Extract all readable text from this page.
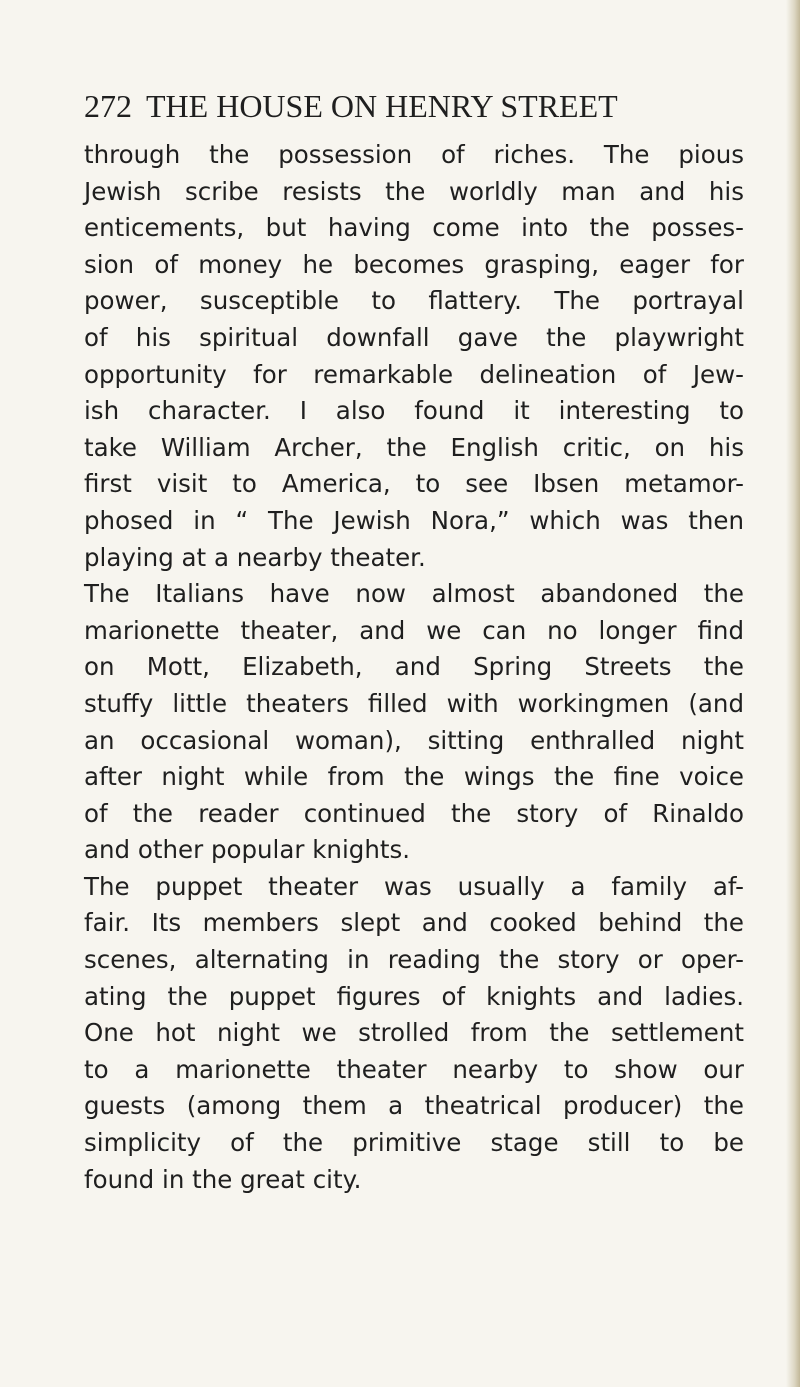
272 THE HOUSE ON HENRY STREET
through the possession of riches. The pious
Jewish scribe resists the worldly man and his
enticements, but having come into the posses-
sion of money he becomes grasping, eager for
power, susceptible to flattery. The portrayal
of his spiritual downfall gave the playwright
opportunity for remarkable delineation of Jew-
ish character. I also found it interesting to
take William Archer, the English critic, on his
first visit to America, to see Ibsen metamor-
phosed in “ The Jewish Nora,” which was then
playing at a nearby theater.
The Italians have now almost abandoned the
marionette theater, and we can no longer find
on Mott, Elizabeth, and Spring Streets the
stuffy little theaters filled with workingmen (and
an occasional woman), sitting enthralled night
after night while from the wings the fine voice
of the reader continued the story of Rinaldo
and other popular knights.
The puppet theater was usually a family af-
fair. Its members slept and cooked behind the
scenes, alternating in reading the story or oper-
ating the puppet figures of knights and ladies.
One hot night we strolled from the settlement
to a marionette theater nearby to show our
guests (among them a theatrical producer) the
simplicity of the primitive stage still to be
found in the great city.
